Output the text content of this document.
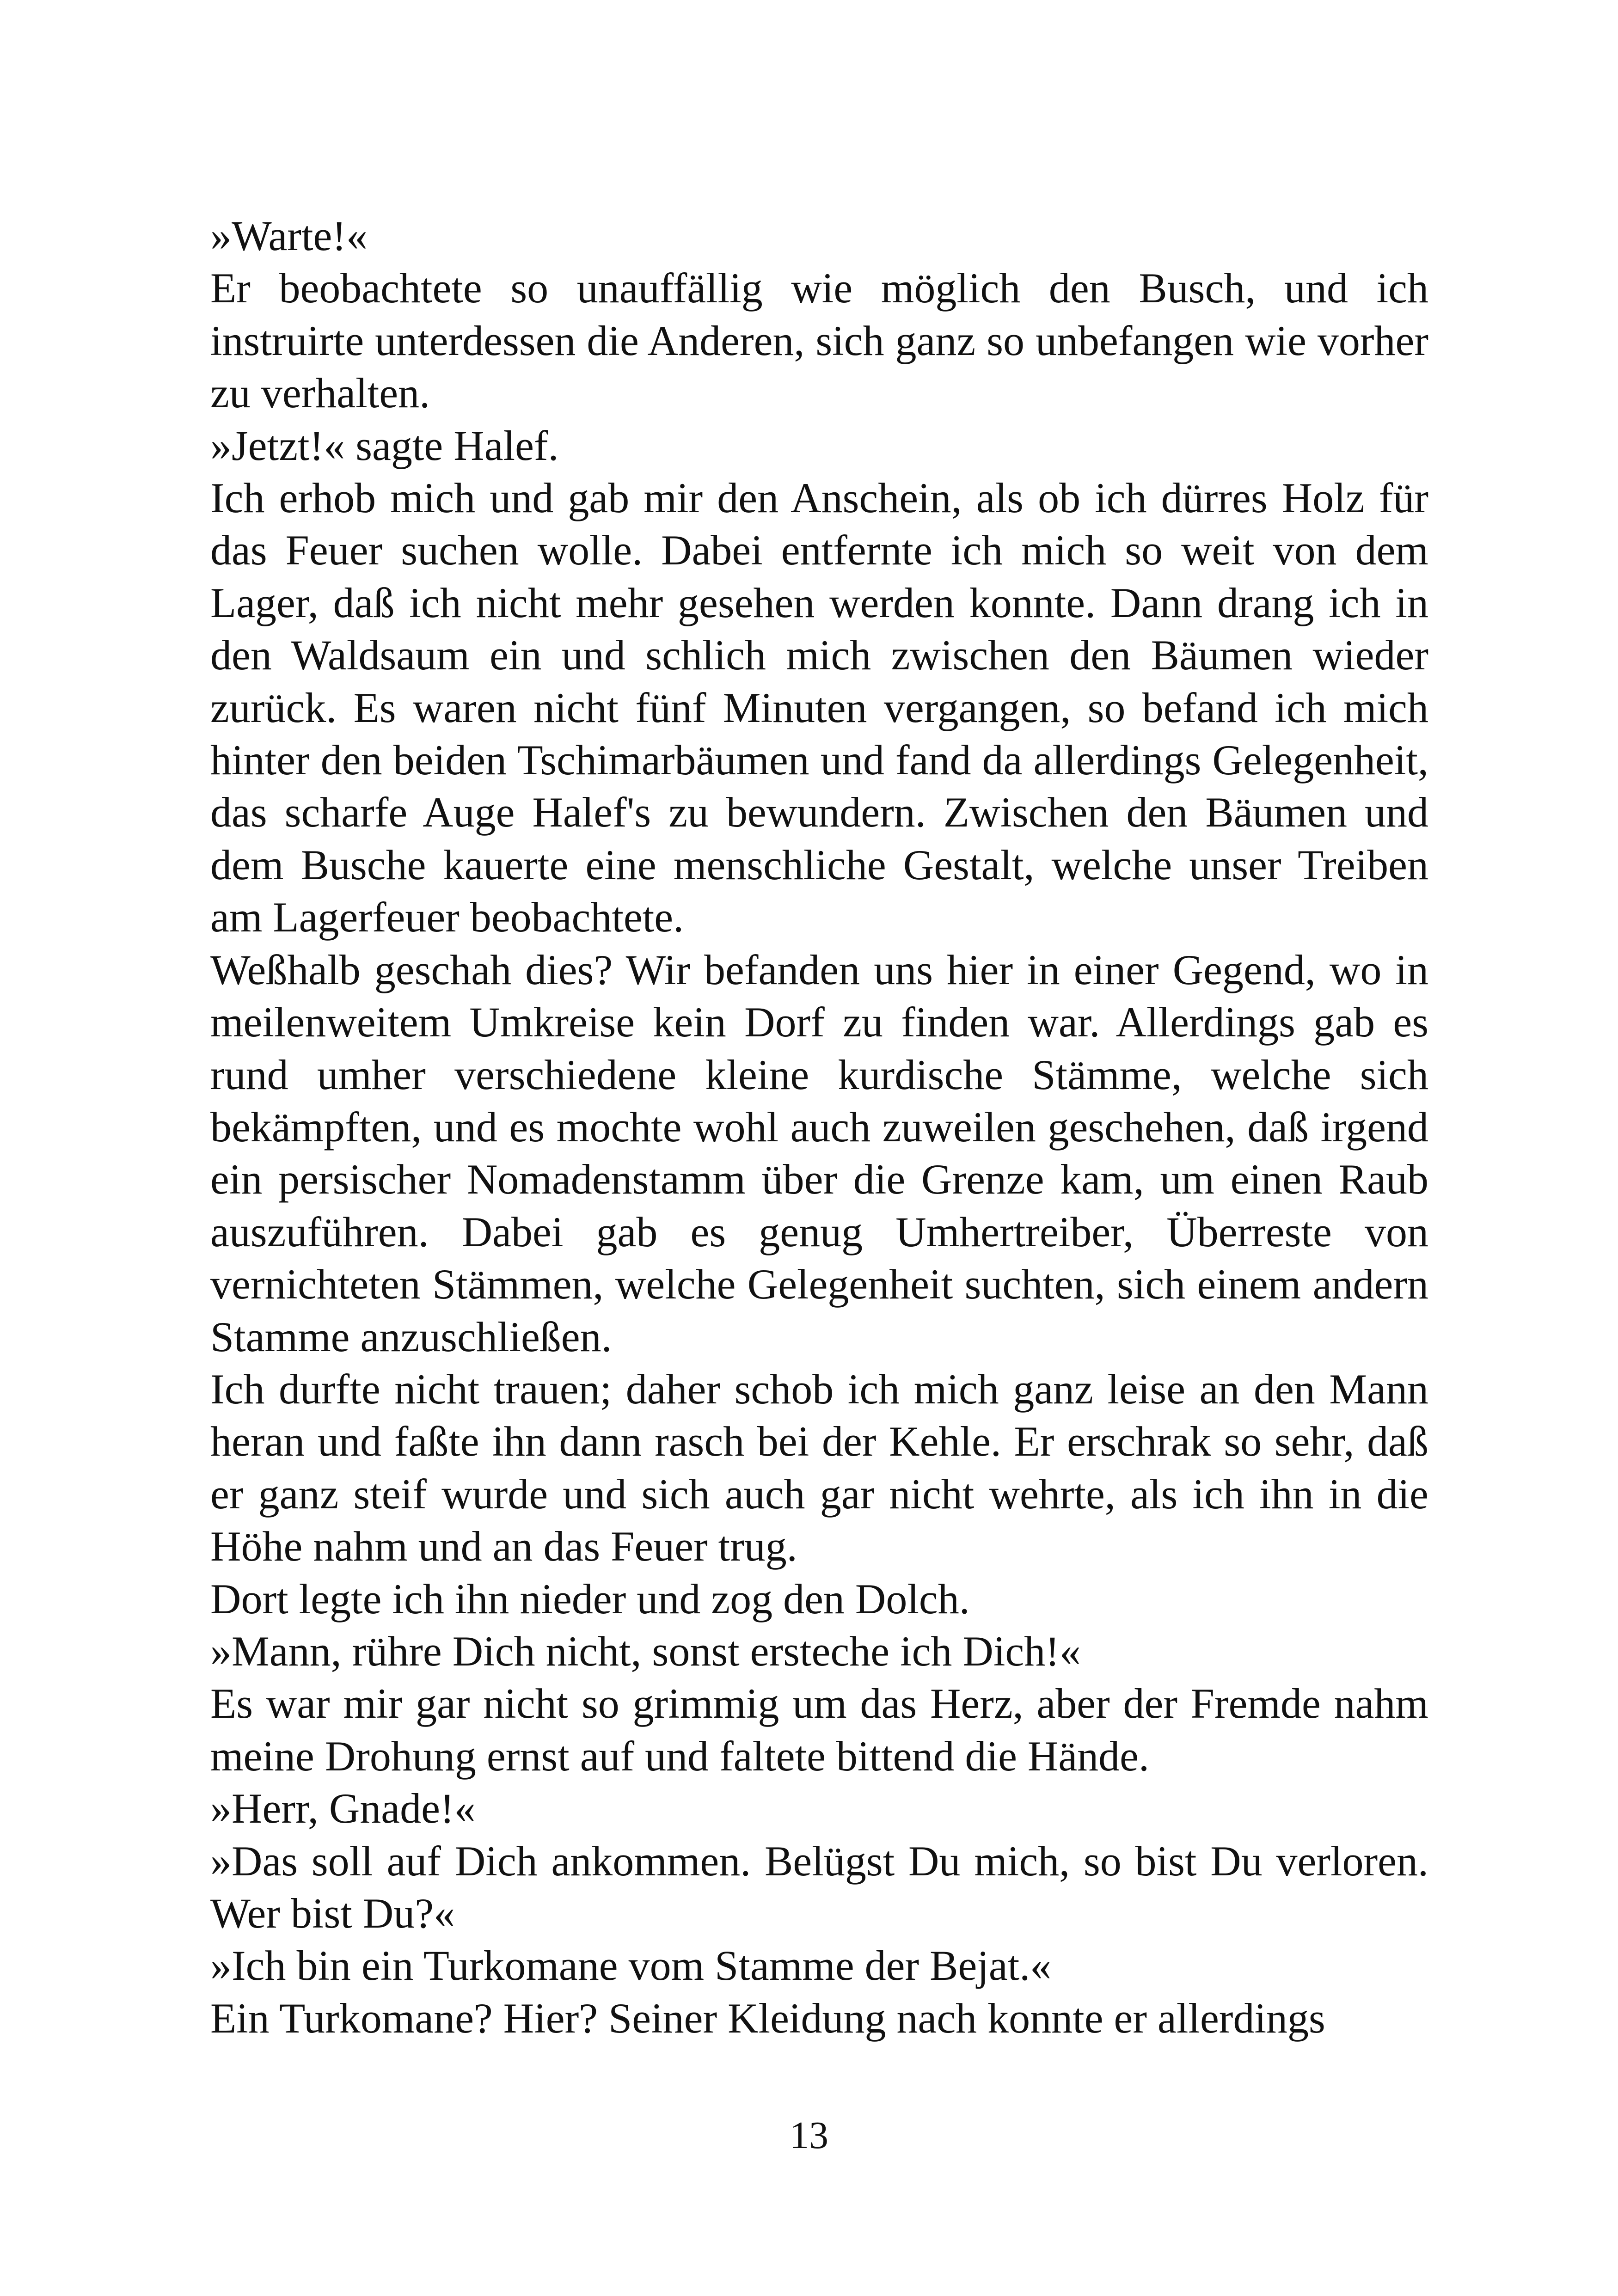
»Warte!«

Er beobachtete so unauffällig wie möglich den Busch, und ich instruirte unterdessen die Anderen, sich ganz so unbefangen wie vorher zu verhalten.

»Jetzt!« sagte Halef.

Ich erhob mich und gab mir den Anschein, als ob ich dürres Holz für das Feuer suchen wolle. Dabei entfernte ich mich so weit von dem Lager, daß ich nicht mehr gesehen werden konnte. Dann drang ich in den Waldsaum ein und schlich mich zwischen den Bäumen wieder zurück. Es waren nicht fünf Minuten vergangen, so befand ich mich hinter den beiden Tschimarbäumen und fand da allerdings Gelegenheit, das scharfe Auge Halef's zu bewundern. Zwischen den Bäumen und dem Busche kauerte eine menschliche Gestalt, welche unser Treiben am Lagerfeuer beobachtete.

Weßhalb geschah dies? Wir befanden uns hier in einer Gegend, wo in meilenweitem Umkreise kein Dorf zu finden war. Allerdings gab es rund umher verschiedene kleine kurdische Stämme, welche sich bekämpften, und es mochte wohl auch zuweilen geschehen, daß irgend ein persischer Nomadenstamm über die Grenze kam, um einen Raub auszuführen. Dabei gab es genug Umhertreiber, Überreste von vernichteten Stämmen, welche Gelegenheit suchten, sich einem andern Stamme anzuschließen.

Ich durfte nicht trauen; daher schob ich mich ganz leise an den Mann heran und faßte ihn dann rasch bei der Kehle. Er erschrak so sehr, daß er ganz steif wurde und sich auch gar nicht wehrte, als ich ihn in die Höhe nahm und an das Feuer trug.

Dort legte ich ihn nieder und zog den Dolch.

»Mann, rühre Dich nicht, sonst ersteche ich Dich!«

Es war mir gar nicht so grimmig um das Herz, aber der Fremde nahm meine Drohung ernst auf und faltete bittend die Hände.

»Herr, Gnade!«

»Das soll auf Dich ankommen. Belügst Du mich, so bist Du verloren. Wer bist Du?«

»Ich bin ein Turkomane vom Stamme der Bejat.«

Ein Turkomane? Hier? Seiner Kleidung nach konnte er allerdings

13
